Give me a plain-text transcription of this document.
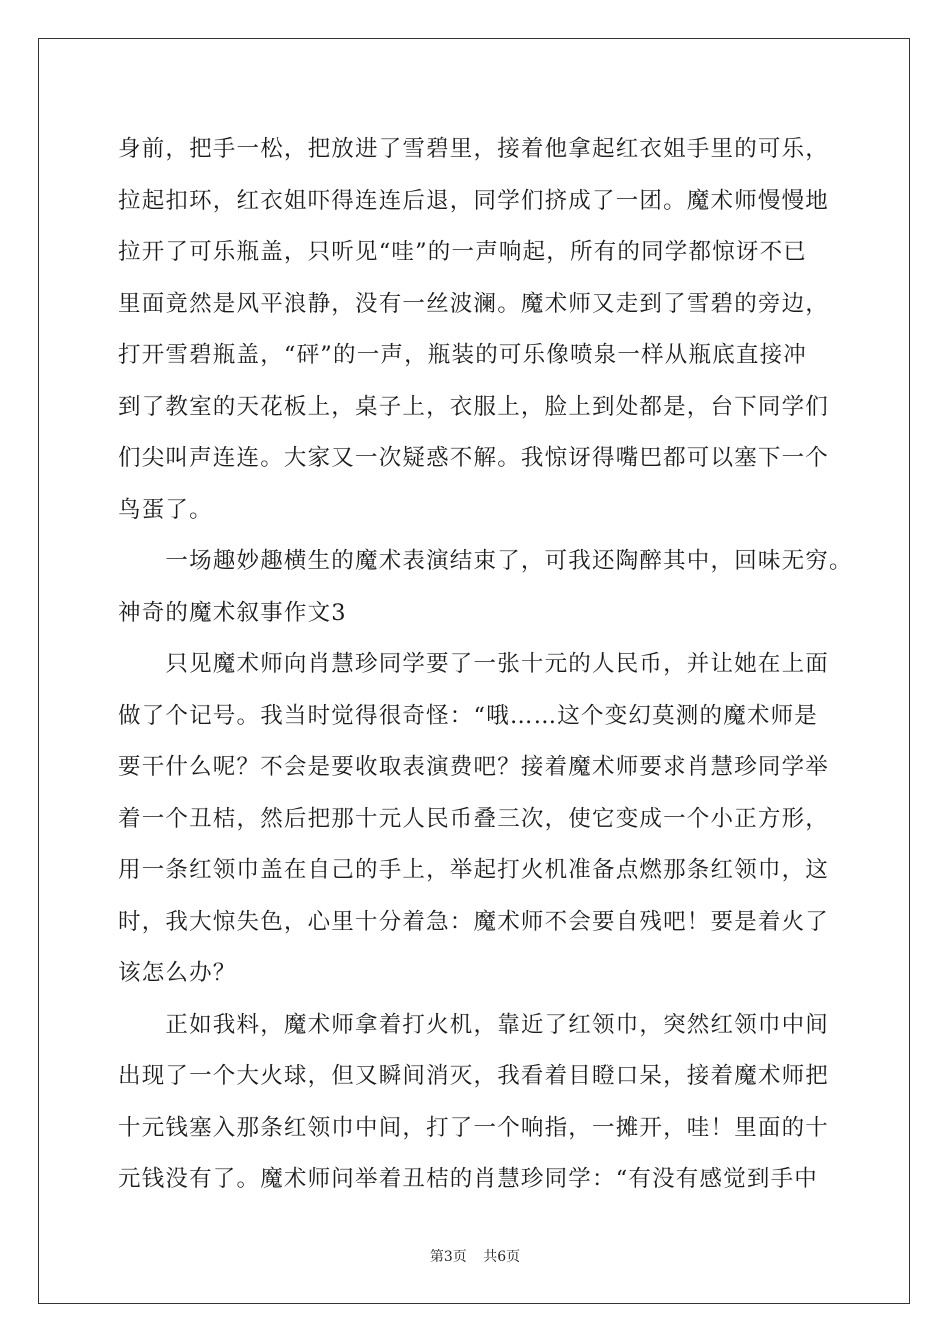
身前，把手一松，把放进了雪碧里，接着他拿起红衣姐手里的可乐，
拉起扣环，红衣姐吓得连连后退，同学们挤成了一团。魔术师慢慢地
拉开了可乐瓶盖，只听见“哇”的一声响起，所有的同学都惊讶不已
里面竟然是风平浪静，没有一丝波澜。魔术师又走到了雪碧的旁边，
打开雪碧瓶盖，“砰”的一声，瓶装的可乐像喷泉一样从瓶底直接冲
到了教室的天花板上，桌子上，衣服上，脸上到处都是，台下同学们
们尖叫声连连。大家又一次疑惑不解。我惊讶得嘴巴都可以塞下一个
鸟蛋了。
　　一场趣妙趣横生的魔术表演结束了，可我还陶醉其中，回味无穷。
神奇的魔术叙事作文3
　　只见魔术师向肖慧珍同学要了一张十元的人民币，并让她在上面
做了个记号。我当时觉得很奇怪：“哦……这个变幻莫测的魔术师是
要干什么呢？不会是要收取表演费吧？接着魔术师要求肖慧珍同学举
着一个丑桔，然后把那十元人民币叠三次，使它变成一个小正方形，
用一条红领巾盖在自己的手上，举起打火机准备点燃那条红领巾，这
时，我大惊失色，心里十分着急：魔术师不会要自残吧！要是着火了
该怎么办？
　　正如我料，魔术师拿着打火机，靠近了红领巾，突然红领巾中间
出现了一个大火球，但又瞬间消灭，我看着目瞪口呆，接着魔术师把
十元钱塞入那条红领巾中间，打了一个响指，一摊开，哇！里面的十
元钱没有了。魔术师问举着丑桔的肖慧珍同学：“有没有感觉到手中
第3页 共6页
